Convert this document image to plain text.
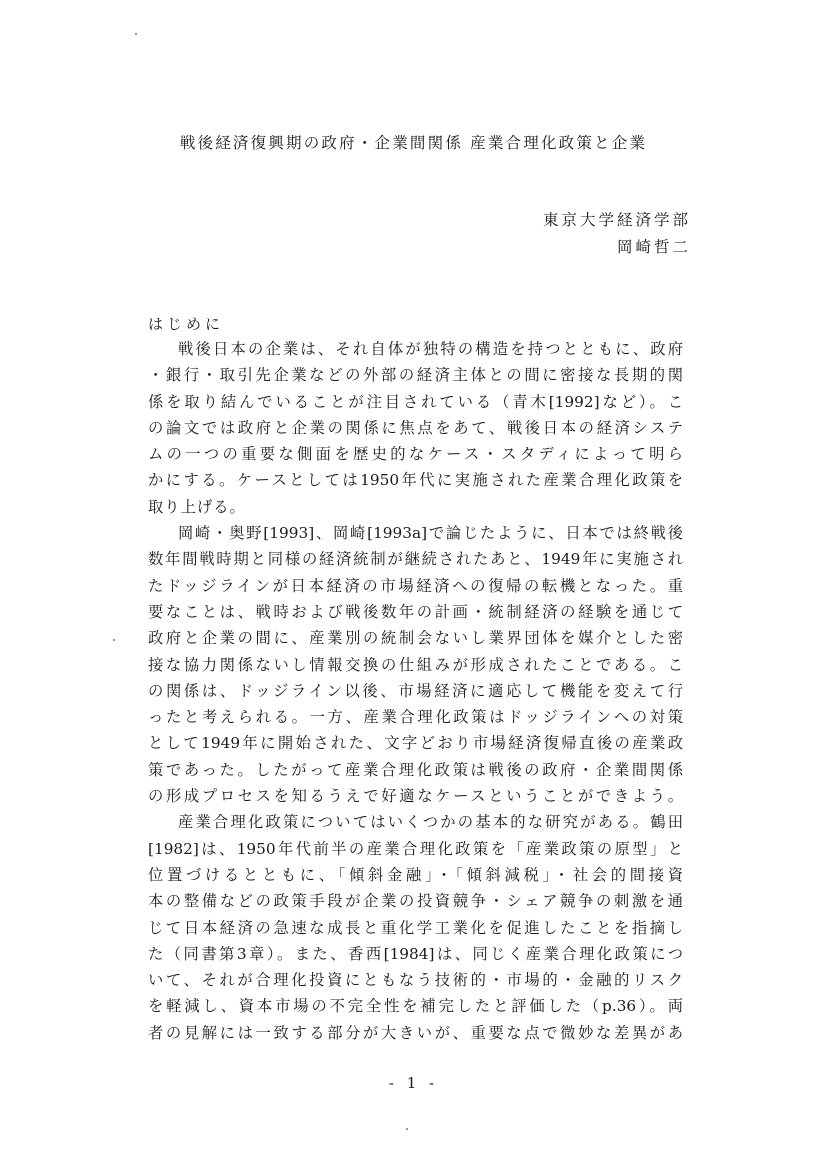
戦後経済復興期の政府・企業間関係 産業合理化政策と企業
東京大学経済学部
岡崎哲二
はじめに
戦後日本の企業は、それ自体が独特の構造を持つとともに、政府
・銀行・取引先企業などの外部の経済主体との間に密接な長期的関
係を取り結んでいることが注目されている（青木[1992]など）。こ
の論文では政府と企業の関係に焦点をあて、戦後日本の経済システ
ムの一つの重要な側面を歴史的なケース・スタディによって明ら
かにする。ケースとしては1950年代に実施された産業合理化政策を
取り上げる。
岡崎・奥野[1993]、岡崎[1993a]で論じたように、日本では終戦後
数年間戦時期と同様の経済統制が継続されたあと、1949年に実施され
たドッジラインが日本経済の市場経済への復帰の転機となった。重
要なことは、戦時および戦後数年の計画・統制経済の経験を通じて
政府と企業の間に、産業別の統制会ないし業界団体を媒介とした密
接な協力関係ないし情報交換の仕組みが形成されたことである。こ
の関係は、ドッジライン以後、市場経済に適応して機能を変えて行
ったと考えられる。一方、産業合理化政策はドッジラインへの対策
として1949年に開始された、文字どおり市場経済復帰直後の産業政
策であった。したがって産業合理化政策は戦後の政府・企業間関係
の形成プロセスを知るうえで好適なケースということができよう。
産業合理化政策についてはいくつかの基本的な研究がある。鶴田
[1982]は、1950年代前半の産業合理化政策を「産業政策の原型」と
位置づけるとともに、「傾斜金融」・「傾斜減税」・社会的間接資
本の整備などの政策手段が企業の投資競争・シェア競争の刺激を通
じて日本経済の急速な成長と重化学工業化を促進したことを指摘し
た（同書第3章）。また、香西[1984]は、同じく産業合理化政策につ
いて、それが合理化投資にともなう技術的・市場的・金融的リスク
を軽減し、資本市場の不完全性を補完したと評価した（p.36）。両
者の見解には一致する部分が大きいが、重要な点で微妙な差異があ
- 1 -
